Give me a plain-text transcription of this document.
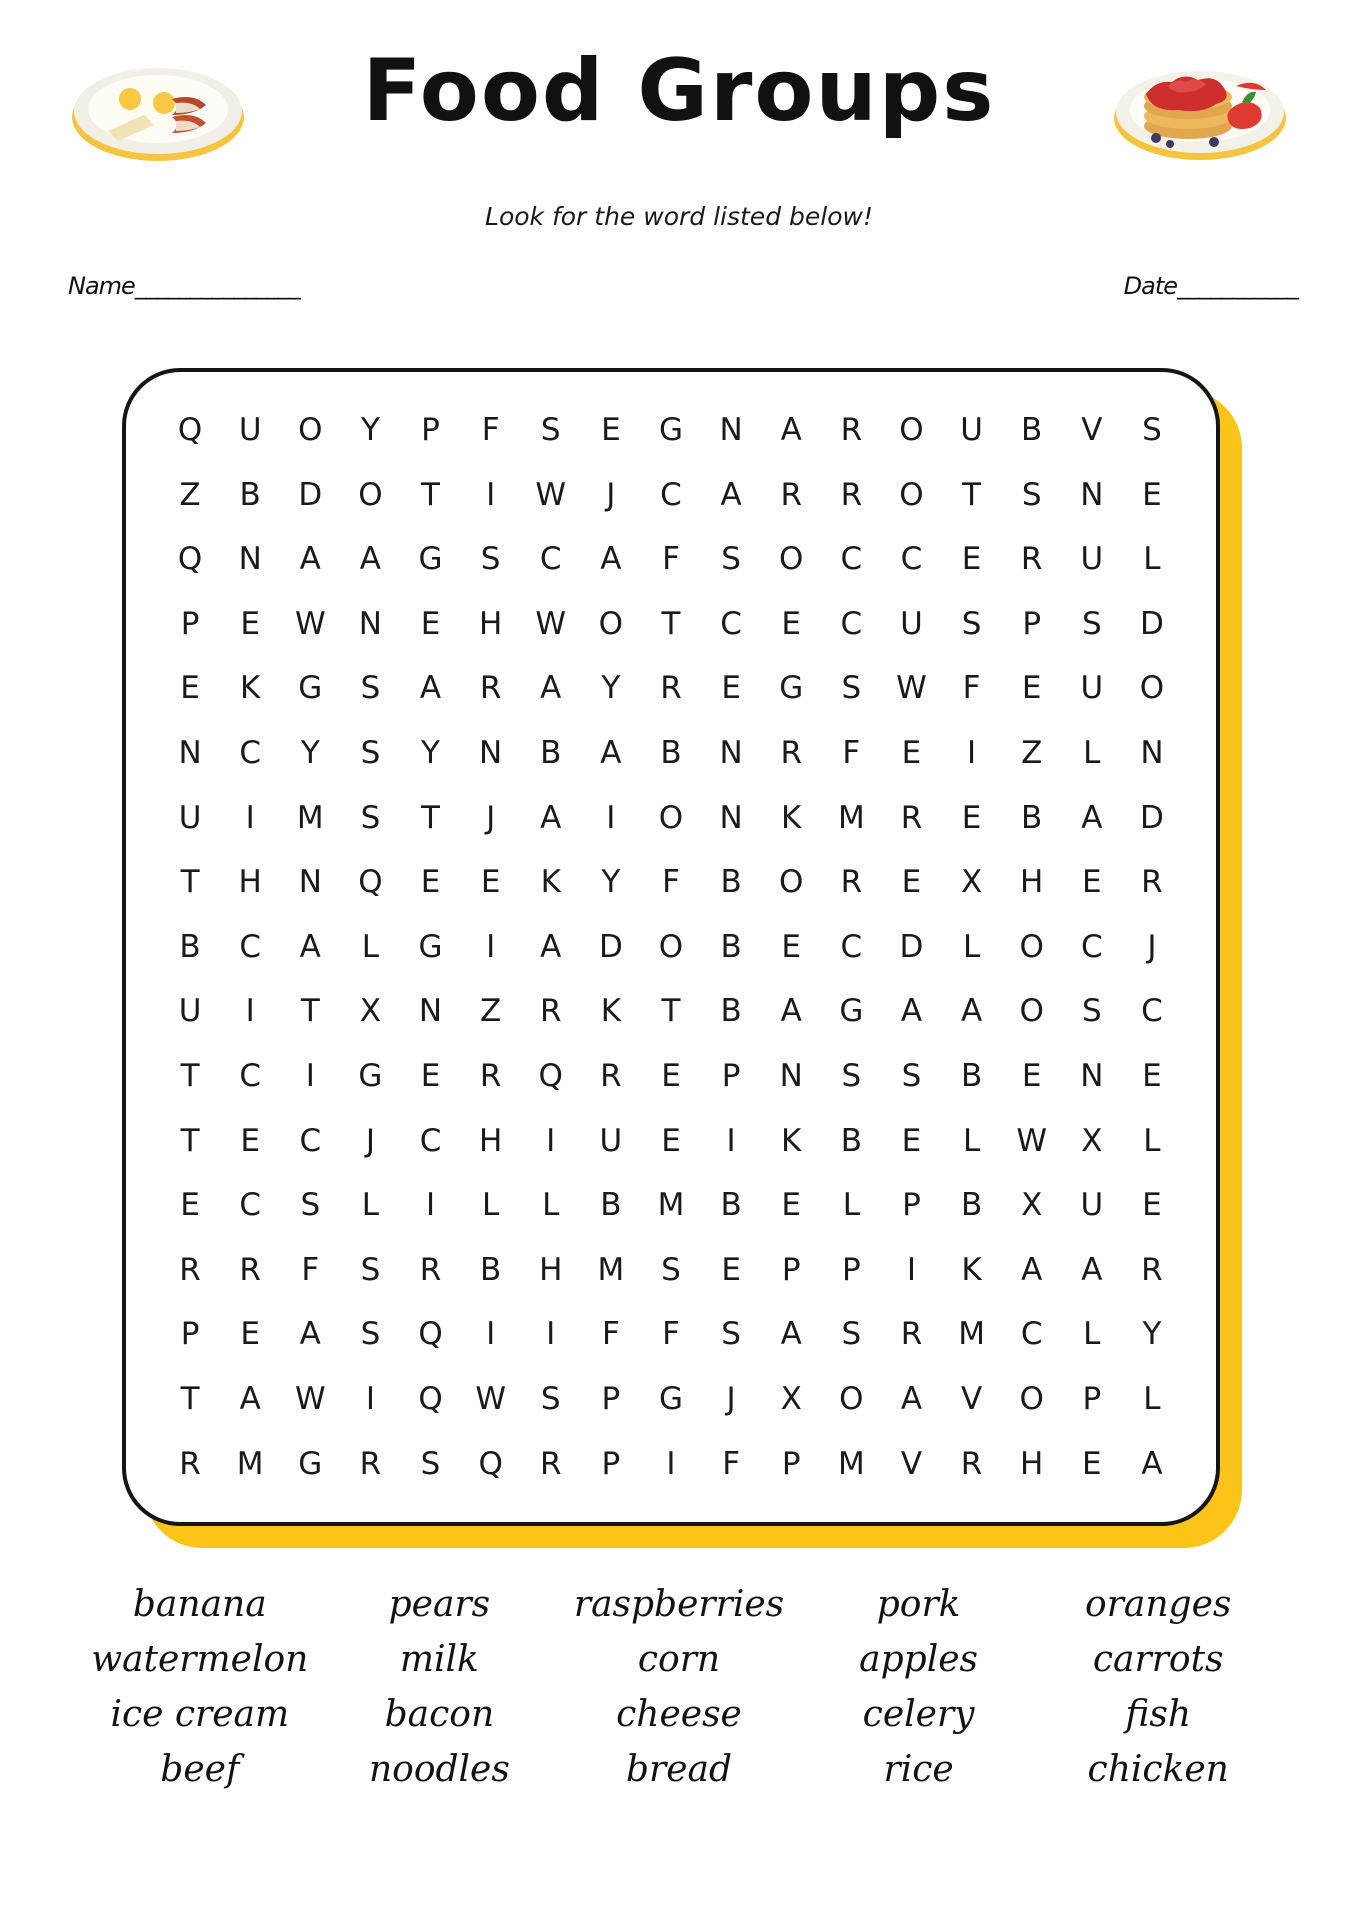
Food Groups
Look for the word listed below!
Name_______________	Date___________
Q	U	O	Y	P	F	S	E	G	N	A	R	O	U	B	V	S
Z	B	D	O	T	I	W	J	C	A	R	R	O	T	S	N	E
Q	N	A	A	G	S	C	A	F	S	O	C	C	E	R	U	L
P	E	W	N	E	H	W	O	T	C	E	C	U	S	P	S	D
E	K	G	S	A	R	A	Y	R	E	G	S	W	F	E	U	O
N	C	Y	S	Y	N	B	A	B	N	R	F	E	I	Z	L	N
U	I	M	S	T	J	A	I	O	N	K	M	R	E	B	A	D
T	H	N	Q	E	E	K	Y	F	B	O	R	E	X	H	E	R
B	C	A	L	G	I	A	D	O	B	E	C	D	L	O	C	J
U	I	T	X	N	Z	R	K	T	B	A	G	A	A	O	S	C
T	C	I	G	E	R	Q	R	E	P	N	S	S	B	E	N	E
T	E	C	J	C	H	I	U	E	I	K	B	E	L	W	X	L
E	C	S	L	I	L	L	B	M	B	E	L	P	B	X	U	E
R	R	F	S	R	B	H	M	S	E	P	P	I	K	A	A	R
P	E	A	S	Q	I	I	F	F	S	A	S	R	M	C	L	Y
T	A	W	I	Q	W	S	P	G	J	X	O	A	V	O	P	L
R	M	G	R	S	Q	R	P	I	F	P	M	V	R	H	E	A
banana	pears	raspberries	pork	oranges
watermelon	milk	corn	apples	carrots
ice cream	bacon	cheese	celery	fish
beef	noodles	bread	rice	chicken
